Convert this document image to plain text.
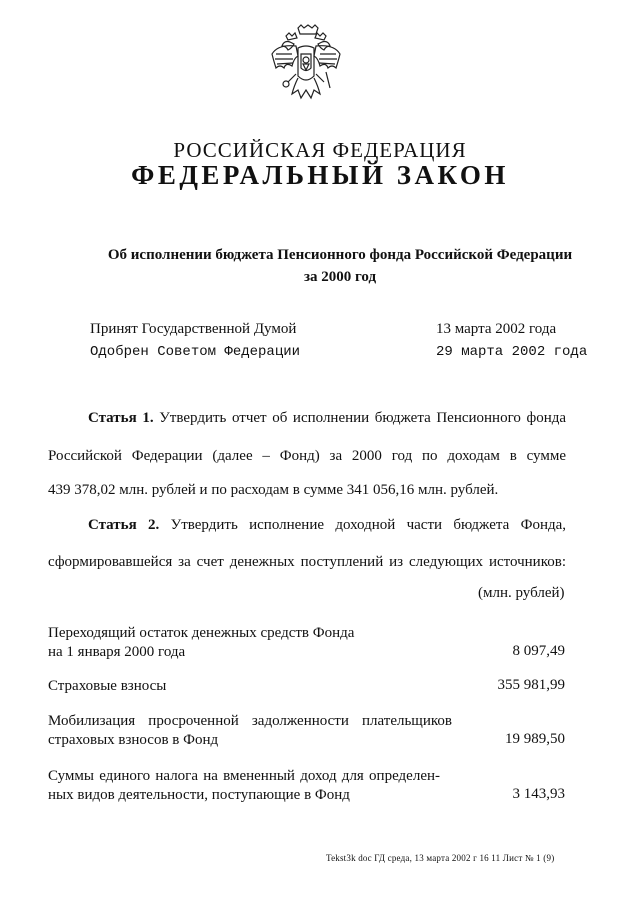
РОССИЙСКАЯ ФЕДЕРАЦИЯ
ФЕДЕРАЛЬНЫЙ ЗАКОН
Об исполнении бюджета Пенсионного фонда Российской Федерации
за 2000 год
Принят Государственной Думой	13 марта 2002 года
Одобрен Советом Федерации	29 марта 2002 года
Статья 1. Утвердить отчет об исполнении бюджета Пенсионного фонда
Российской Федерации (далее – Фонд) за 2000 год по доходам в сумме
439 378,02 млн. рублей и по расходам в сумме 341 056,16 млн. рублей.
Статья 2. Утвердить исполнение доходной части бюджета Фонда,
сформировавшейся за счет денежных поступлений из следующих источников:
(млн. рублей)
Переходящий остаток денежных средств Фонда
на 1 января 2000 года	8 097,49
Страховые взносы	355 981,99
Мобилизация просроченной задолженности плательщиков
страховых взносов в Фонд	19 989,50
Суммы единого налога на вмененный доход для определен-
ных видов деятельности, поступающие в Фонд	3 143,93
Tekst3k doc ГД среда, 13 марта 2002 г 16 11 Лист № 1 (9)
